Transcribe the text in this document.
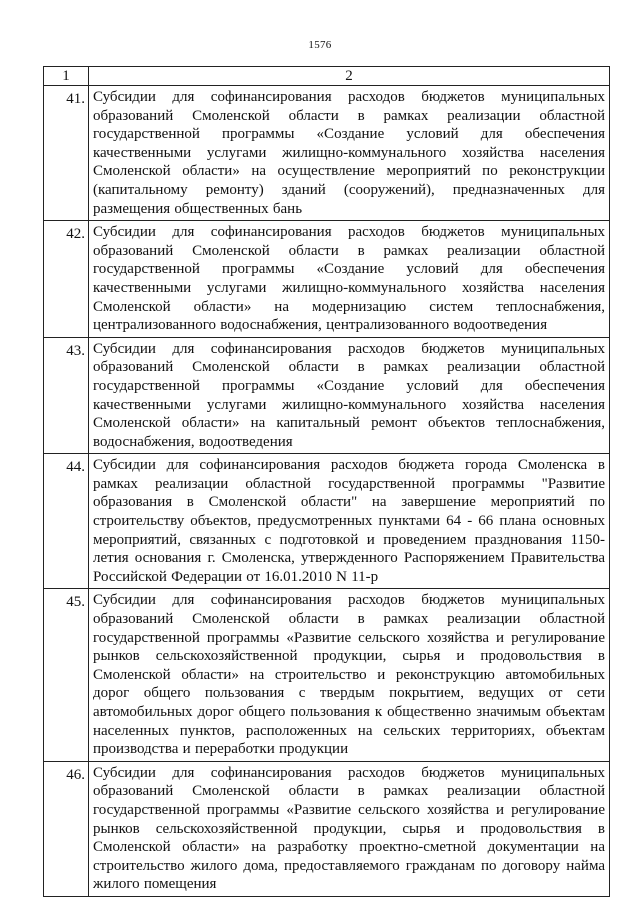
1576
1	2
41.	Субсидии для софинансирования расходов бюджетов муниципальных образований Смоленской области в рамках реализации областной государственной программы «Создание условий для обеспечения качественными услугами жилищно-коммунального хозяйства населения Смоленской области» на осуществление мероприятий по реконструкции (капитальному ремонту) зданий (сооружений), предназначенных для размещения общественных бань
42.	Субсидии для софинансирования расходов бюджетов муниципальных образований Смоленской области в рамках реализации областной государственной программы «Создание условий для обеспечения качественными услугами жилищно-коммунального хозяйства населения Смоленской области» на модернизацию систем теплоснабжения, централизованного водоснабжения, централизованного водоотведения
43.	Субсидии для софинансирования расходов бюджетов муниципальных образований Смоленской области в рамках реализации областной государственной программы «Создание условий для обеспечения качественными услугами жилищно-коммунального хозяйства населения Смоленской области» на капитальный ремонт объектов теплоснабжения, водоснабжения, водоотведения
44.	Субсидии для софинансирования расходов бюджета города Смоленска в рамках реализации областной государственной программы "Развитие образования в Смоленской области" на завершение мероприятий по строительству объектов, предусмотренных пунктами 64 - 66 плана основных мероприятий, связанных с подготовкой и проведением празднования 1150-летия основания г. Смоленска, утвержденного Распоряжением Правительства Российской Федерации от 16.01.2010 N 11-р
45.	Субсидии для софинансирования расходов бюджетов муниципальных образований Смоленской области в рамках реализации областной государственной программы «Развитие сельского хозяйства и регулирование рынков сельскохозяйственной продукции, сырья и продовольствия в Смоленской области» на строительство и реконструкцию автомобильных дорог общего пользования с твердым покрытием, ведущих от сети автомобильных дорог общего пользования к общественно значимым объектам населенных пунктов, расположенных на сельских территориях, объектам производства и переработки продукции
46.	Субсидии для софинансирования расходов бюджетов муниципальных образований Смоленской области в рамках реализации областной государственной программы «Развитие сельского хозяйства и регулирование рынков сельскохозяйственной продукции, сырья и продовольствия в Смоленской области» на разработку проектно-сметной документации на строительство жилого дома, предоставляемого гражданам по договору найма жилого помещения
